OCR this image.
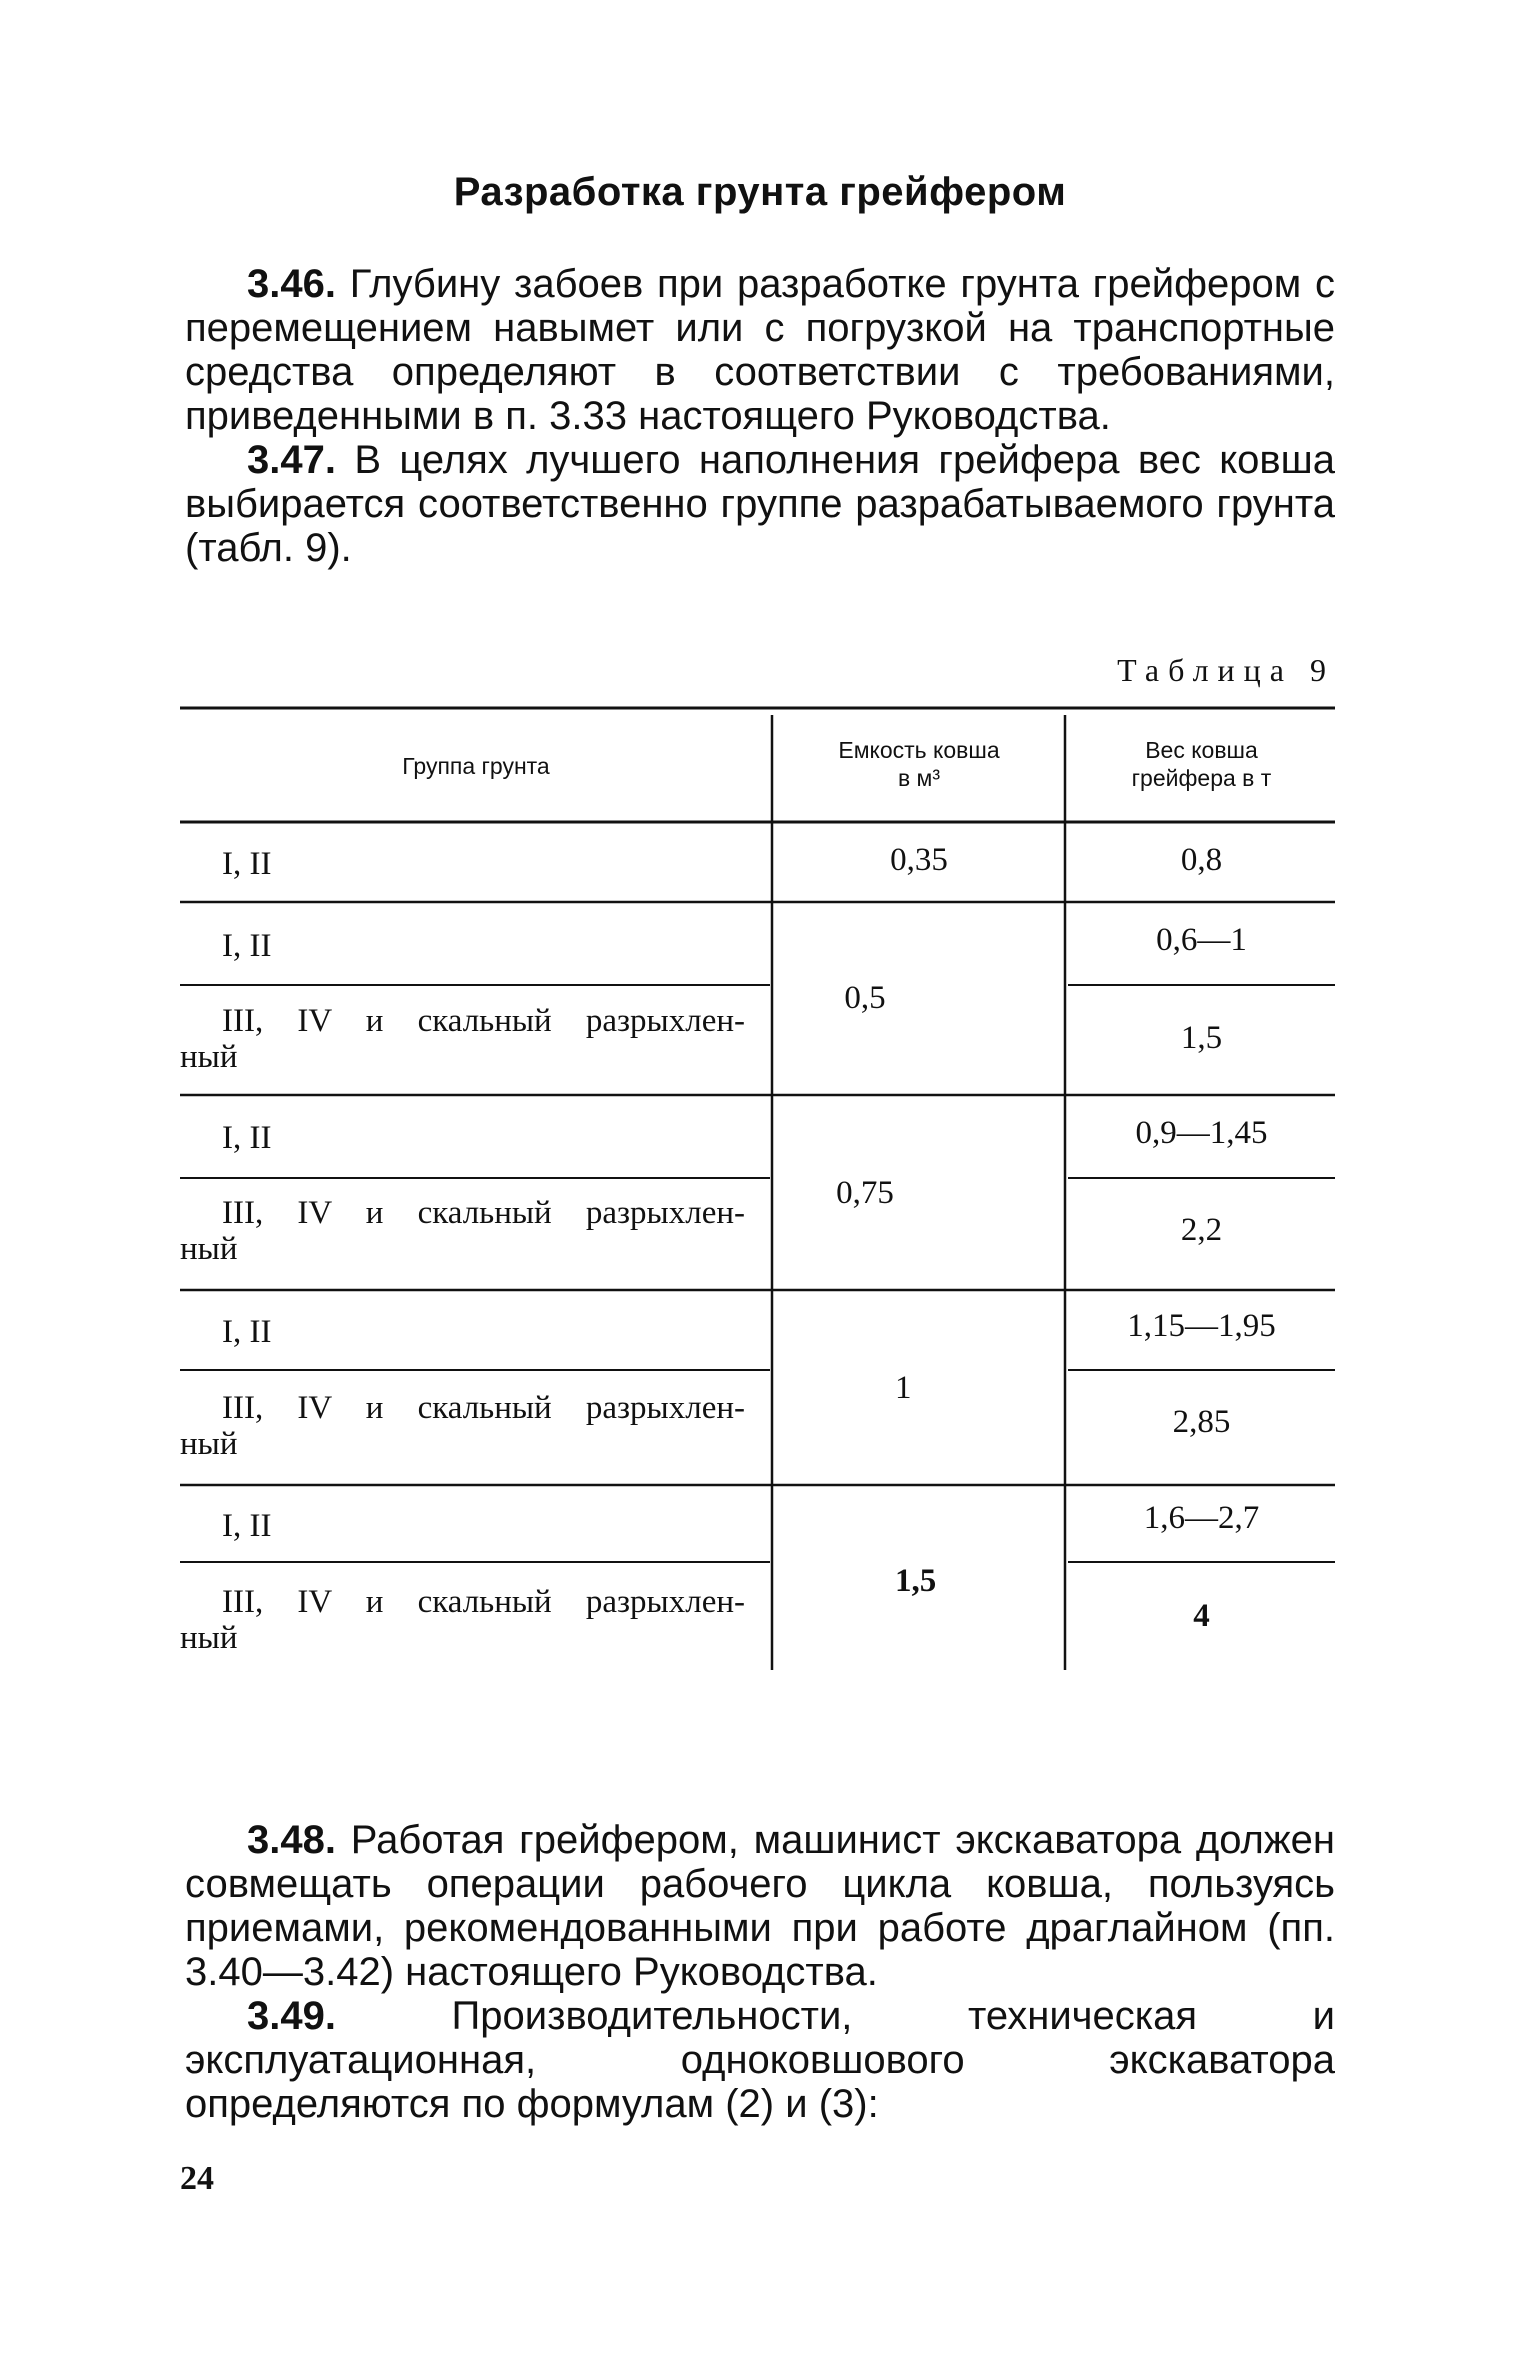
Разработка грунта грейфером

3.46. Глубину забоев при разработке грунта грейфером с перемещением навымет или с погрузкой на транспортные средства определяют в соответствии с требованиями, приведенными в п. 3.33 настоящего Руководства.

3.47. В целях лучшего наполнения грейфера вес ковша выбирается соответственно группе разрабатываемого грунта (табл. 9).

Таблица 9
Группа грунта
Емкость ковша
в м³
Вес ковша
грейфера в т
I, II	0,35	0,8
I, II
III, IV и скальный разрыхлен-
ный
0,5
0,6—1
1,5
I, II
III, IV и скальный разрыхлен-
ный
0,75
0,9—1,45
2,2
I, II
III, IV и скальный разрыхлен-
ный
1
1,15—1,95
2,85
I, II
III, IV и скальный разрыхлен-
ный
1,5
1,6—2,7
4

3.48. Работая грейфером, машинист экскаватора должен совмещать операции рабочего цикла ковша, пользуясь приемами, рекомендованными при работе драглайном (пп. 3.40—3.42) настоящего Руководства.

3.49. Производительности, техническая и эксплуатационная, одноковшового экскаватора определяются по формулам (2) и (3):

24
